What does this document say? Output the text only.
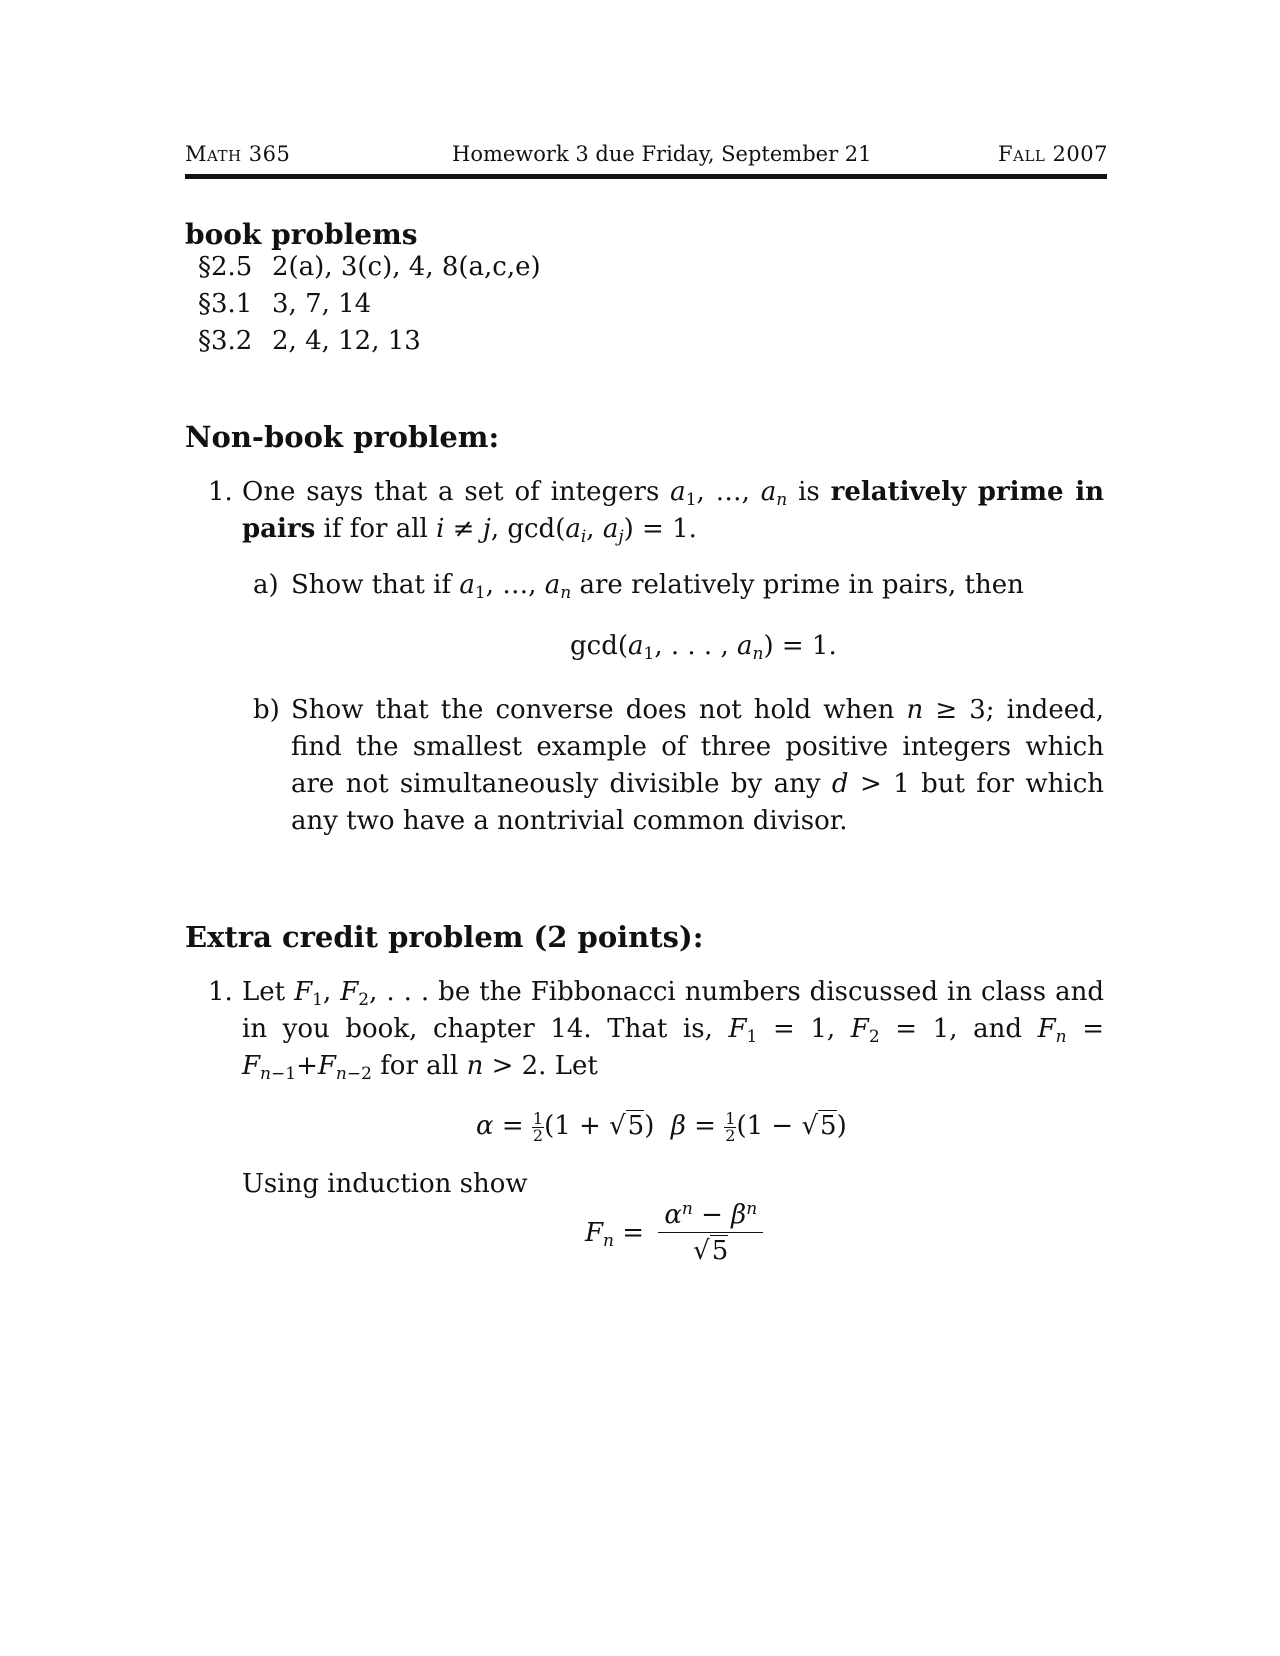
Math 365	Homework 3 due Friday, September 21	Fall 2007
book problems
§2.5 2(a), 3(c), 4, 8(a,c,e)
§3.1 3, 7, 14
§3.2 2, 4, 12, 13
Non-book problem:
1. One says that a set of integers $a_1$, …, $a_n$ is relatively prime in pairs if for all i ≠ j, $\gcd(a_i$, $a_j) = 1$.
a) Show that if $a_1$, …, $a_n$ are relatively prime in pairs, then
$\gcd(a_1$, . . . , $a_n) = 1$.
b) Show that the converse does not hold when n ≥ 3; indeed, find the smallest example of three positive integers which are not simultaneously divisible by any d > 1 but for which any two have a nontrivial common divisor.
Extra credit problem (2 points):
1. Let $F_1$, $F_2$, . . . be the Fibbonacci numbers discussed in class and in you book, chapter 14. That is, $F_1 = 1$, $F_2 = 1$, and $F_n = F_{n-1}+F_{n-2}$ for all n > 2. Let
$\alpha = \frac{1}{2} (1 + √5) \beta = \frac{1}{2} (1 - √5)$
Using induction show
$F_n = \frac{\alpha^n - \beta^n}{√5}$
